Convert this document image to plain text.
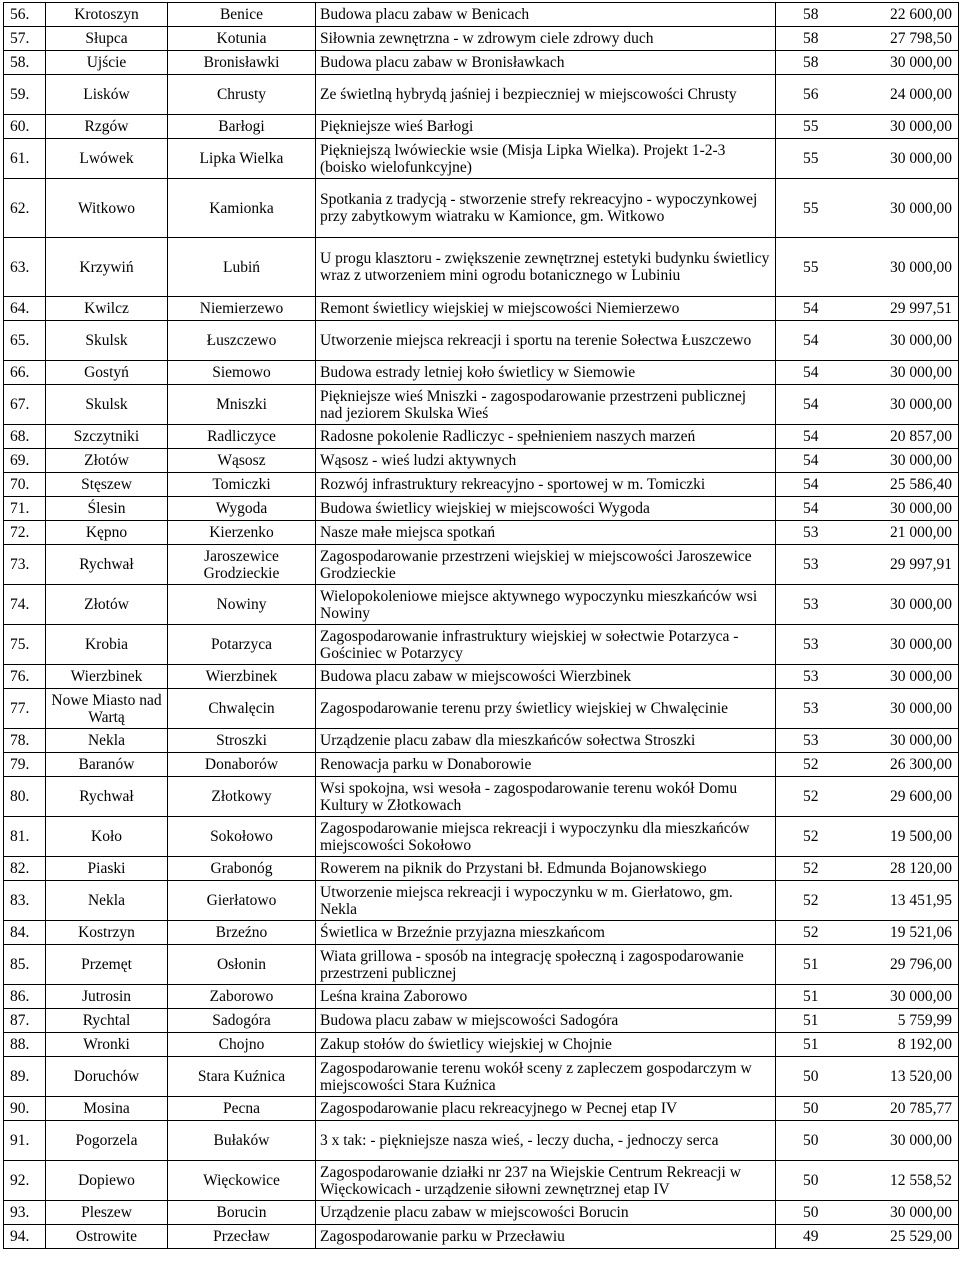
56.	Krotoszyn	Benice	Budowa placu zabaw w Benicach	58	22 600,00
57.	Słupca	Kotunia	Siłownia zewnętrzna - w zdrowym ciele zdrowy duch	58	27 798,50
58.	Ujście	Bronisławki	Budowa placu zabaw w Bronisławkach	58	30 000,00
59.	Lisków	Chrusty	Ze świetlną hybrydą jaśniej i bezpieczniej w miejscowości Chrusty	56	24 000,00
60.	Rzgów	Barłogi	Piękniejsze wieś Barłogi	55	30 000,00
61.	Lwówek	Lipka Wielka	Piękniejszą lwówieckie wsie (Misja Lipka Wielka). Projekt 1-2-3 (boisko wielofunkcyjne)	55	30 000,00
62.	Witkowo	Kamionka	Spotkania z tradycją - stworzenie strefy rekreacyjno - wypoczynkowej przy zabytkowym wiatraku w Kamionce, gm. Witkowo	55	30 000,00
63.	Krzywiń	Lubiń	U progu klasztoru - zwiększenie zewnętrznej estetyki budynku świetlicy wraz z utworzeniem mini ogrodu botanicznego w Lubiniu	55	30 000,00
64.	Kwilcz	Niemierzewo	Remont świetlicy wiejskiej w miejscowości Niemierzewo	54	29 997,51
65.	Skulsk	Łuszczewo	Utworzenie miejsca rekreacji i sportu na terenie Sołectwa Łuszczewo	54	30 000,00
66.	Gostyń	Siemowo	Budowa estrady letniej koło świetlicy w Siemowie	54	30 000,00
67.	Skulsk	Mniszki	Piękniejsze wieś Mniszki - zagospodarowanie przestrzeni publicznej nad jeziorem Skulska Wieś	54	30 000,00
68.	Szczytniki	Radliczyce	Radosne pokolenie Radliczyc - spełnieniem naszych marzeń	54	20 857,00
69.	Złotów	Wąsosz	Wąsosz - wieś ludzi aktywnych	54	30 000,00
70.	Stęszew	Tomiczki	Rozwój infrastruktury rekreacyjno - sportowej w m. Tomiczki	54	25 586,40
71.	Ślesin	Wygoda	Budowa świetlicy wiejskiej w miejscowości Wygoda	54	30 000,00
72.	Kępno	Kierzenko	Nasze małe miejsca spotkań	53	21 000,00
73.	Rychwał	Jaroszewice Grodzieckie	Zagospodarowanie przestrzeni wiejskiej w miejscowości Jaroszewice Grodzieckie	53	29 997,91
74.	Złotów	Nowiny	Wielopokoleniowe miejsce aktywnego wypoczynku mieszkańców wsi Nowiny	53	30 000,00
75.	Krobia	Potarzyca	Zagospodarowanie infrastruktury wiejskiej w sołectwie Potarzyca - Gościniec w Potarzycy	53	30 000,00
76.	Wierzbinek	Wierzbinek	Budowa placu zabaw w miejscowości Wierzbinek	53	30 000,00
77.	Nowe Miasto nad Wartą	Chwalęcin	Zagospodarowanie terenu przy świetlicy wiejskiej w Chwalęcinie	53	30 000,00
78.	Nekla	Stroszki	Urządzenie placu zabaw dla mieszkańców sołectwa Stroszki	53	30 000,00
79.	Baranów	Donaborów	Renowacja parku w Donaborowie	52	26 300,00
80.	Rychwał	Złotkowy	Wsi spokojna, wsi wesoła - zagospodarowanie terenu wokół Domu Kultury w Złotkowach	52	29 600,00
81.	Koło	Sokołowo	Zagospodarowanie miejsca rekreacji i wypoczynku dla mieszkańców miejscowości Sokołowo	52	19 500,00
82.	Piaski	Grabonóg	Rowerem na piknik do Przystani bł. Edmunda Bojanowskiego	52	28 120,00
83.	Nekla	Gierłatowo	Utworzenie miejsca rekreacji i wypoczynku w m. Gierłatowo, gm. Nekla	52	13 451,95
84.	Kostrzyn	Brzeźno	Świetlica w Brzeźnie przyjazna mieszkańcom	52	19 521,06
85.	Przemęt	Osłonin	Wiata grillowa - sposób na integrację społeczną i zagospodarowanie przestrzeni publicznej	51	29 796,00
86.	Jutrosin	Zaborowo	Leśna kraina Zaborowo	51	30 000,00
87.	Rychtal	Sadogóra	Budowa placu zabaw w miejscowości Sadogóra	51	5 759,99
88.	Wronki	Chojno	Zakup stołów do świetlicy wiejskiej w Chojnie	51	8 192,00
89.	Doruchów	Stara Kuźnica	Zagospodarowanie terenu wokół sceny z zapleczem gospodarczym w miejscowości Stara Kuźnica	50	13 520,00
90.	Mosina	Pecna	Zagospodarowanie placu rekreacyjnego w Pecnej etap IV	50	20 785,77
91.	Pogorzela	Bułaków	3 x tak: - piękniejsze nasza wieś, - leczy ducha, - jednoczy serca	50	30 000,00
92.	Dopiewo	Więckowice	Zagospodarowanie działki nr 237 na Wiejskie Centrum Rekreacji w Więckowicach - urządzenie siłowni zewnętrznej etap IV	50	12 558,52
93.	Pleszew	Borucin	Urządzenie placu zabaw w miejscowości Borucin	50	30 000,00
94.	Ostrowite	Przecław	Zagospodarowanie parku w Przecławiu	49	25 529,00
